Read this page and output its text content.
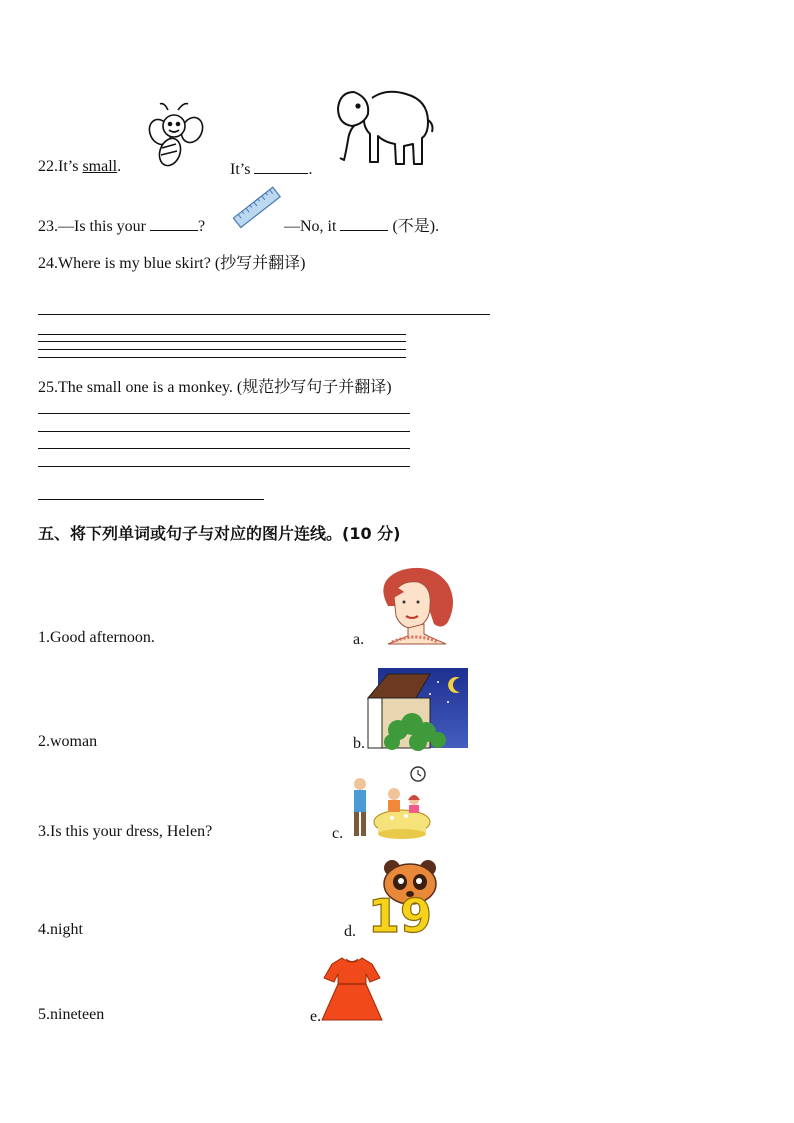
22.It’s small.	It’s	.
23.—Is this your	?	—No, it	(不是).
24.Where is my blue skirt? (抄写并翻译)
25.The small one is a monkey. (规范抄写句子并翻译)
五、将下列单词或句子与对应的图片连线。(10 分)
1.Good afternoon.	a.
2.woman	b.
3.Is this your dress, Helen?	c.
4.night	d. 19
5.nineteen	e.
